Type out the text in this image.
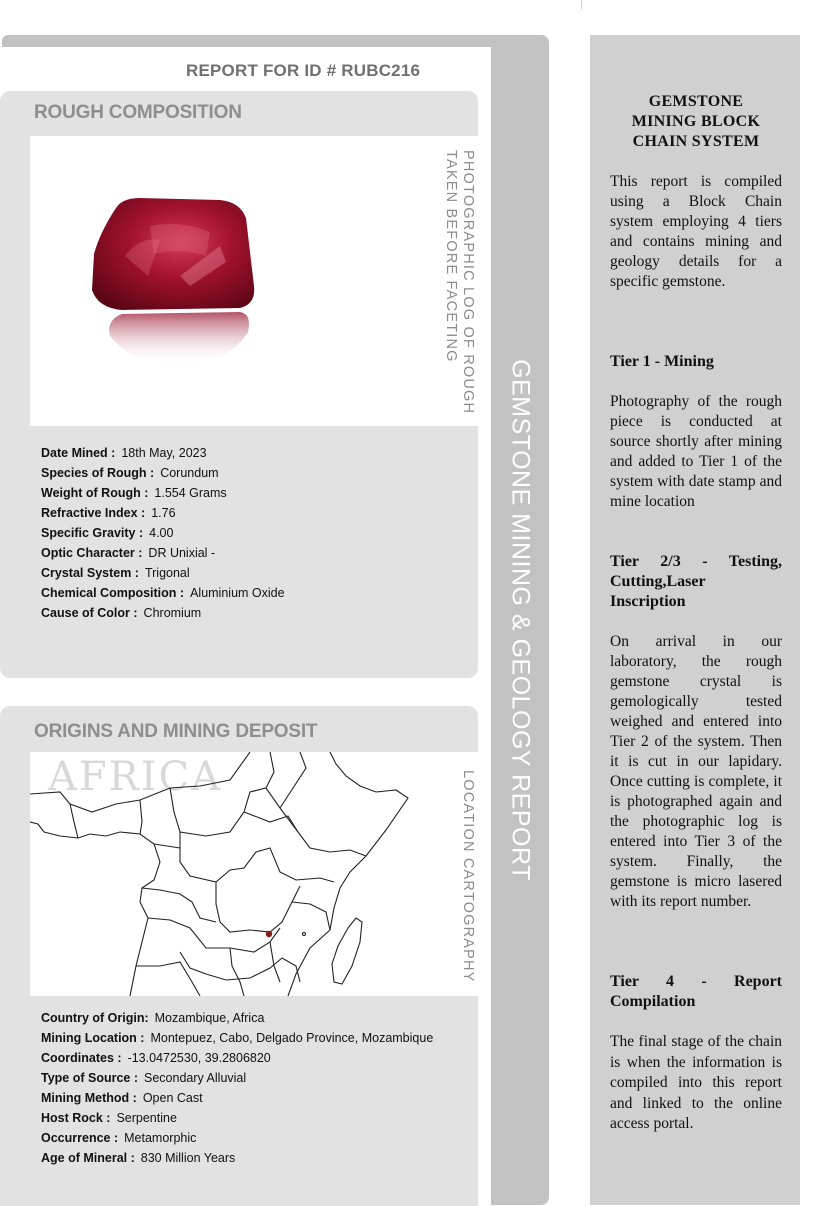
GEMSTONE MINING & GEOLOGY REPORT
REPORT FOR ID # RUBC216
ROUGH COMPOSITION
PHOTOGRAPHIC LOG OF ROUGH
TAKEN BEFORE FACETING
Date Mined : 18th May, 2023
Species of Rough : Corundum
Weight of Rough : 1.554 Grams
Refractive Index : 1.76
Specific Gravity : 4.00
Optic Character : DR Unixial -
Crystal System : Trigonal
Chemical Composition : Aluminium Oxide
Cause of Color : Chromium
ORIGINS AND MINING DEPOSIT
AFRICA	LOCATION CARTOGRAPHY
Country of Origin: Mozambique, Africa
Mining Location : Montepuez, Cabo, Delgado Province, Mozambique
Coordinates : -13.0472530, 39.2806820
Type of Source : Secondary Alluvial
Mining Method : Open Cast
Host Rock : Serpentine
Occurrence : Metamorphic
Age of Mineral : 830 Million Years
GEMSTONE
MINING BLOCK
CHAIN SYSTEM
This report is compiled using a Block Chain system employing 4 tiers and contains mining and geology details for a specific gemstone.
Tier 1 - Mining
Photography of the rough piece is conducted at source shortly after mining and added to Tier 1 of the system with date stamp and mine location
Tier 2/3 - Testing, Cutting,Laser Inscription
On arrival in our laboratory, the rough gemstone crystal is gemologically tested weighed and entered into Tier 2 of the system. Then it is cut in our lapidary. Once cutting is complete, it is photographed again and the photographic log is entered into Tier 3 of the system. Finally, the gemstone is micro lasered with its report number.
Tier 4 - Report Compilation
The final stage of the chain is when the information is compiled into this report and linked to the online access portal.
